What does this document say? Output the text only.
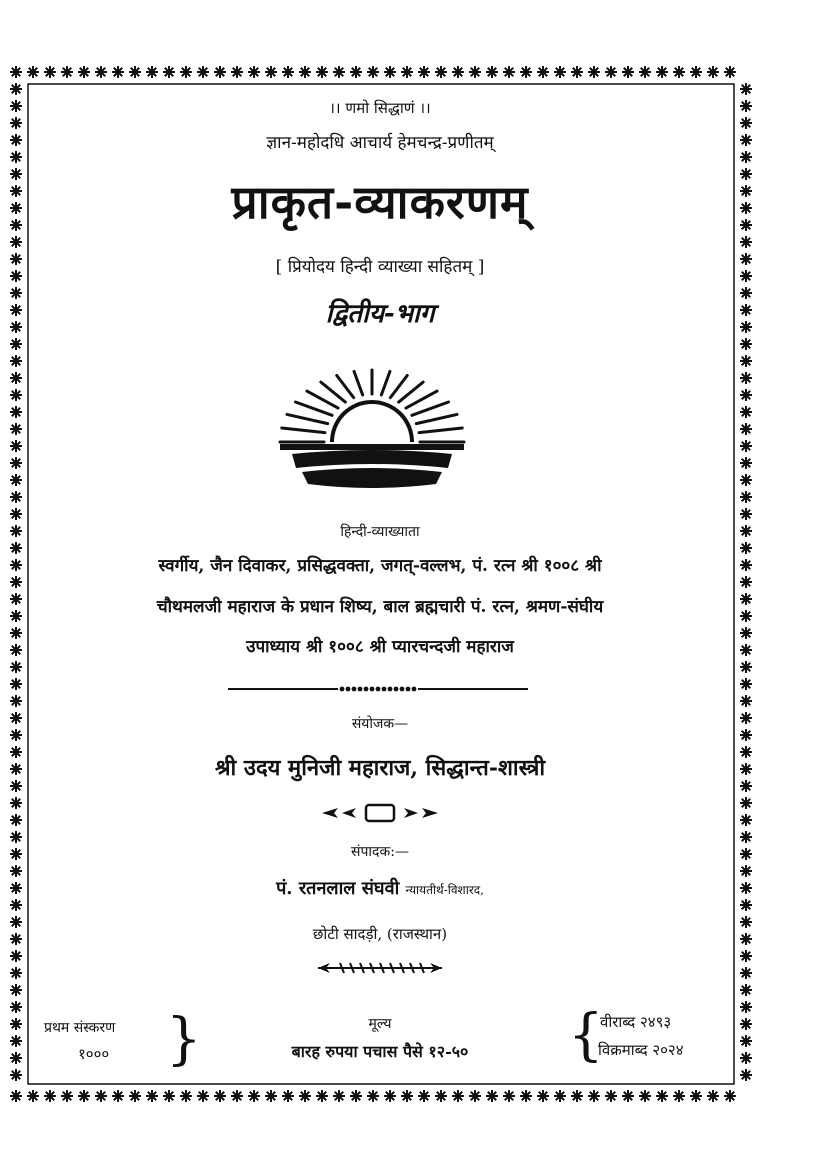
।। णमो सिद्धाणं ।।
ज्ञान-महोदधि आचार्य हेमचन्द्र-प्रणीतम्
प्राकृत-व्याकरणम्
[ प्रियोदय हिन्दी व्याख्या सहितम् ]
द्वितीय-भाग
हिन्दी-व्याख्याता
स्वर्गीय, जैन दिवाकर, प्रसिद्धवक्ता, जगत्-वल्लभ, पं. रत्न श्री १००८ श्री
चौथमलजी महाराज के प्रधान शिष्य, बाल ब्रह्मचारी पं. रत्न, श्रमण-संघीय
उपाध्याय श्री १००८ श्री प्यारचन्दजी महाराज
संयोजक—
श्री उदय मुनिजी महाराज, सिद्धान्त-शास्त्री
संपादक:—
पं. रतनलाल संघवी न्यायतीर्थ-विशारद,
छोटी सादड़ी, (राजस्थान)
प्रथम संस्करण
१००० }	मूल्य
बारह रुपया पचास पैसे १२-५०	{
वीराब्द २४९३
विक्रमाब्द २०२४
